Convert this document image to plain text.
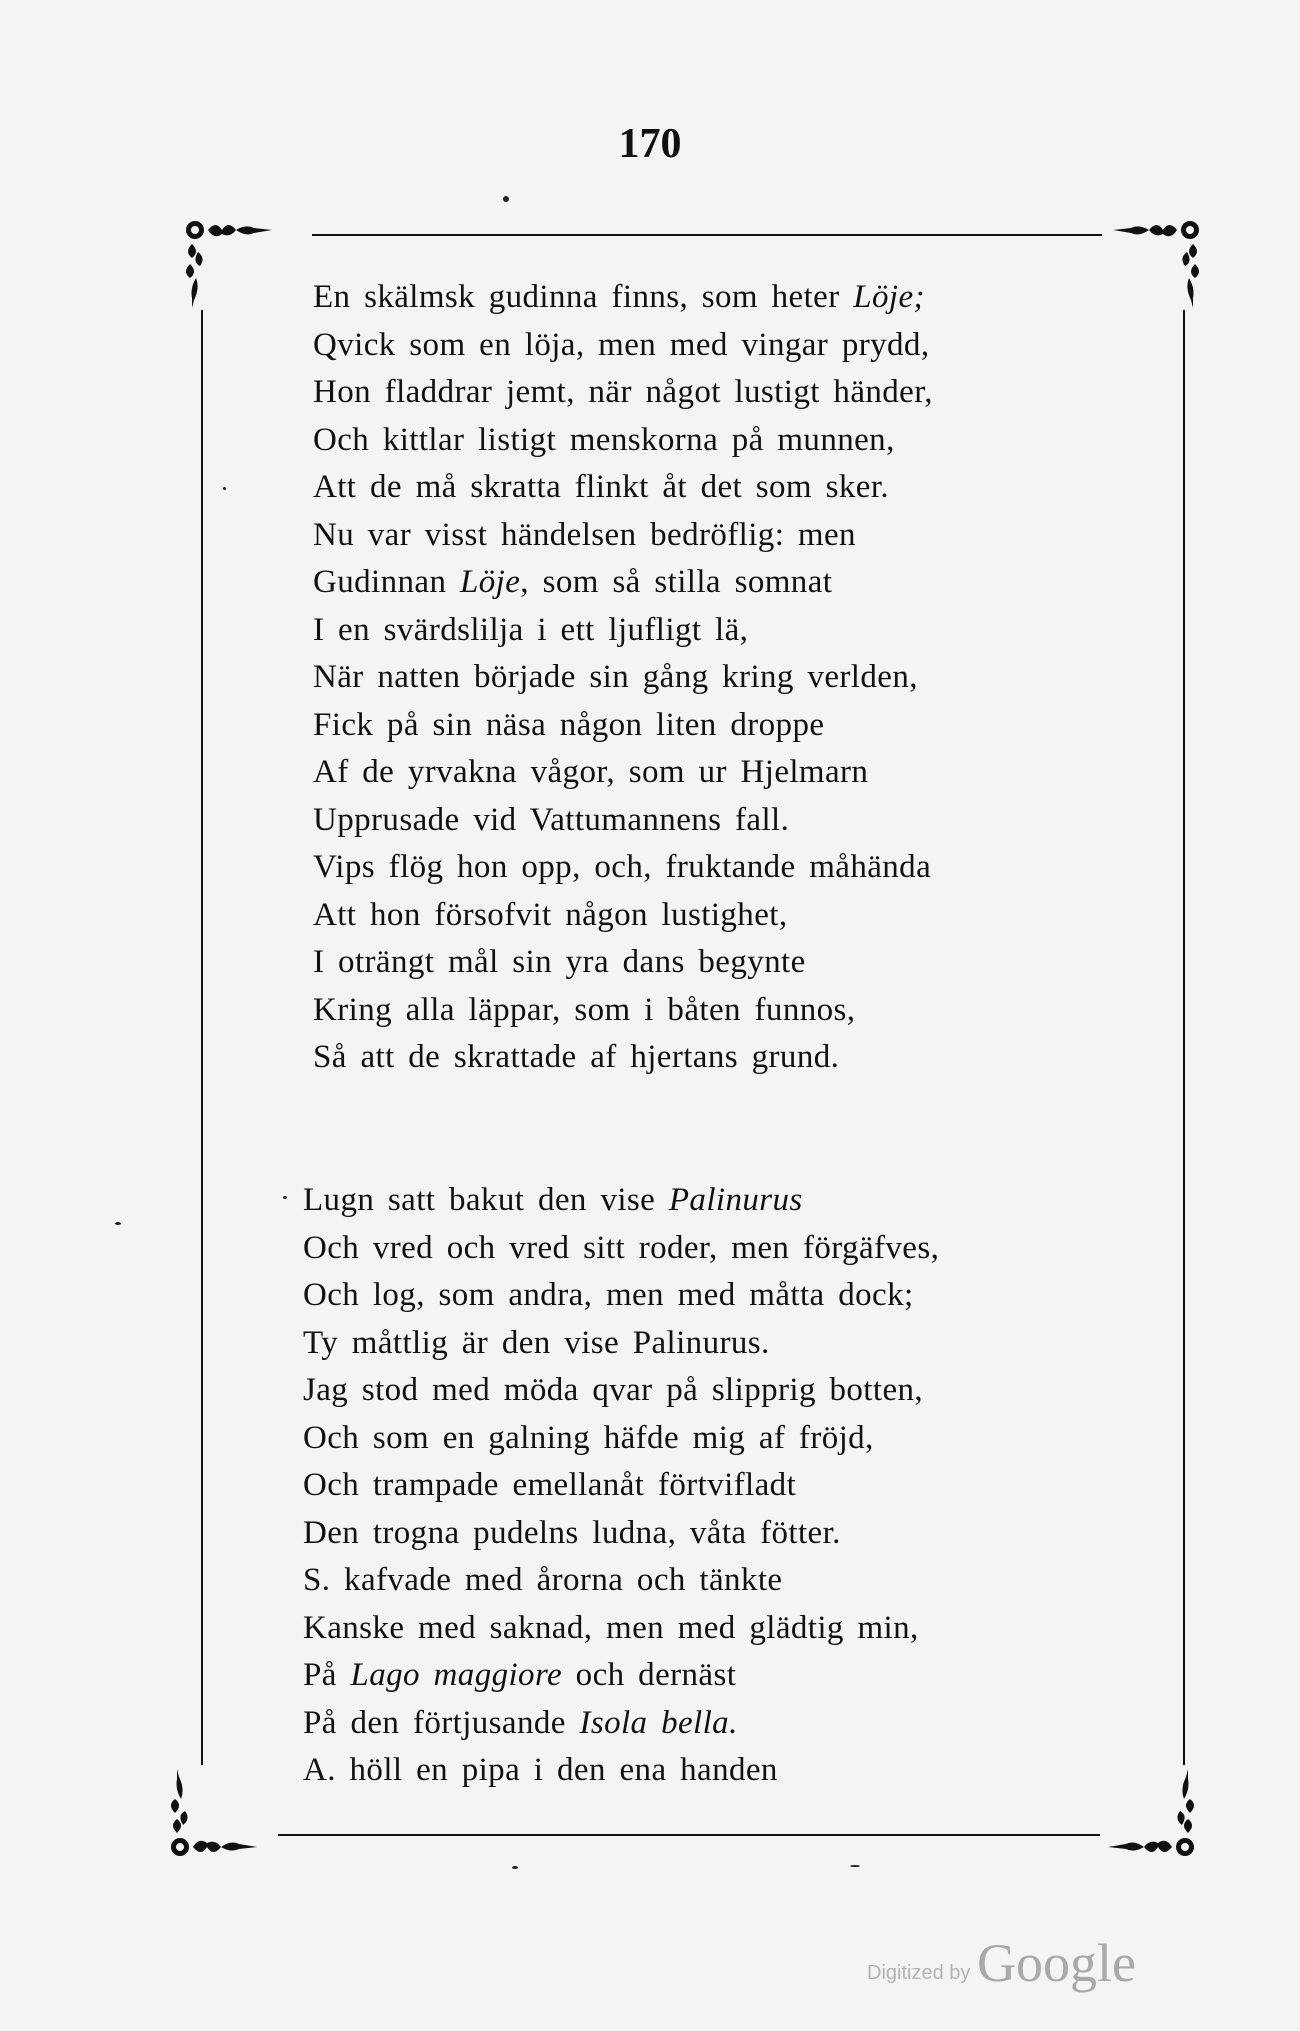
170
En skälmsk gudinna finns, som heter Löje;
Qvick som en löja, men med vingar prydd,
Hon fladdrar jemt, när något lustigt händer,
Och kittlar listigt menskorna på munnen,
Att de må skratta flinkt åt det som sker.
Nu var visst händelsen bedröflig: men
Gudinnan Löje, som så stilla somnat
I en svärdslilja i ett ljufligt lä,
När natten började sin gång kring verlden,
Fick på sin näsa någon liten droppe
Af de yrvakna vågor, som ur Hjelmarn
Upprusade vid Vattumannens fall.
Vips flög hon opp, och, fruktande måhända
Att hon försofvit någon lustighet,
I oträngt mål sin yra dans begynte
Kring alla läppar, som i båten funnos,
Så att de skrattade af hjertans grund.
Lugn satt bakut den vise Palinurus
Och vred och vred sitt roder, men förgäfves,
Och log, som andra, men med måtta dock;
Ty måttlig är den vise Palinurus.
Jag stod med möda qvar på slipprig botten,
Och som en galning häfde mig af fröjd,
Och trampade emellanåt förtvifladt
Den trogna pudelns ludna, våta fötter.
S. kafvade med årorna och tänkte
Kanske med saknad, men med glädtig min,
På Lago maggiore och dernäst
På den förtjusande Isola bella.
A. höll en pipa i den ena handen
Digitized by Google
